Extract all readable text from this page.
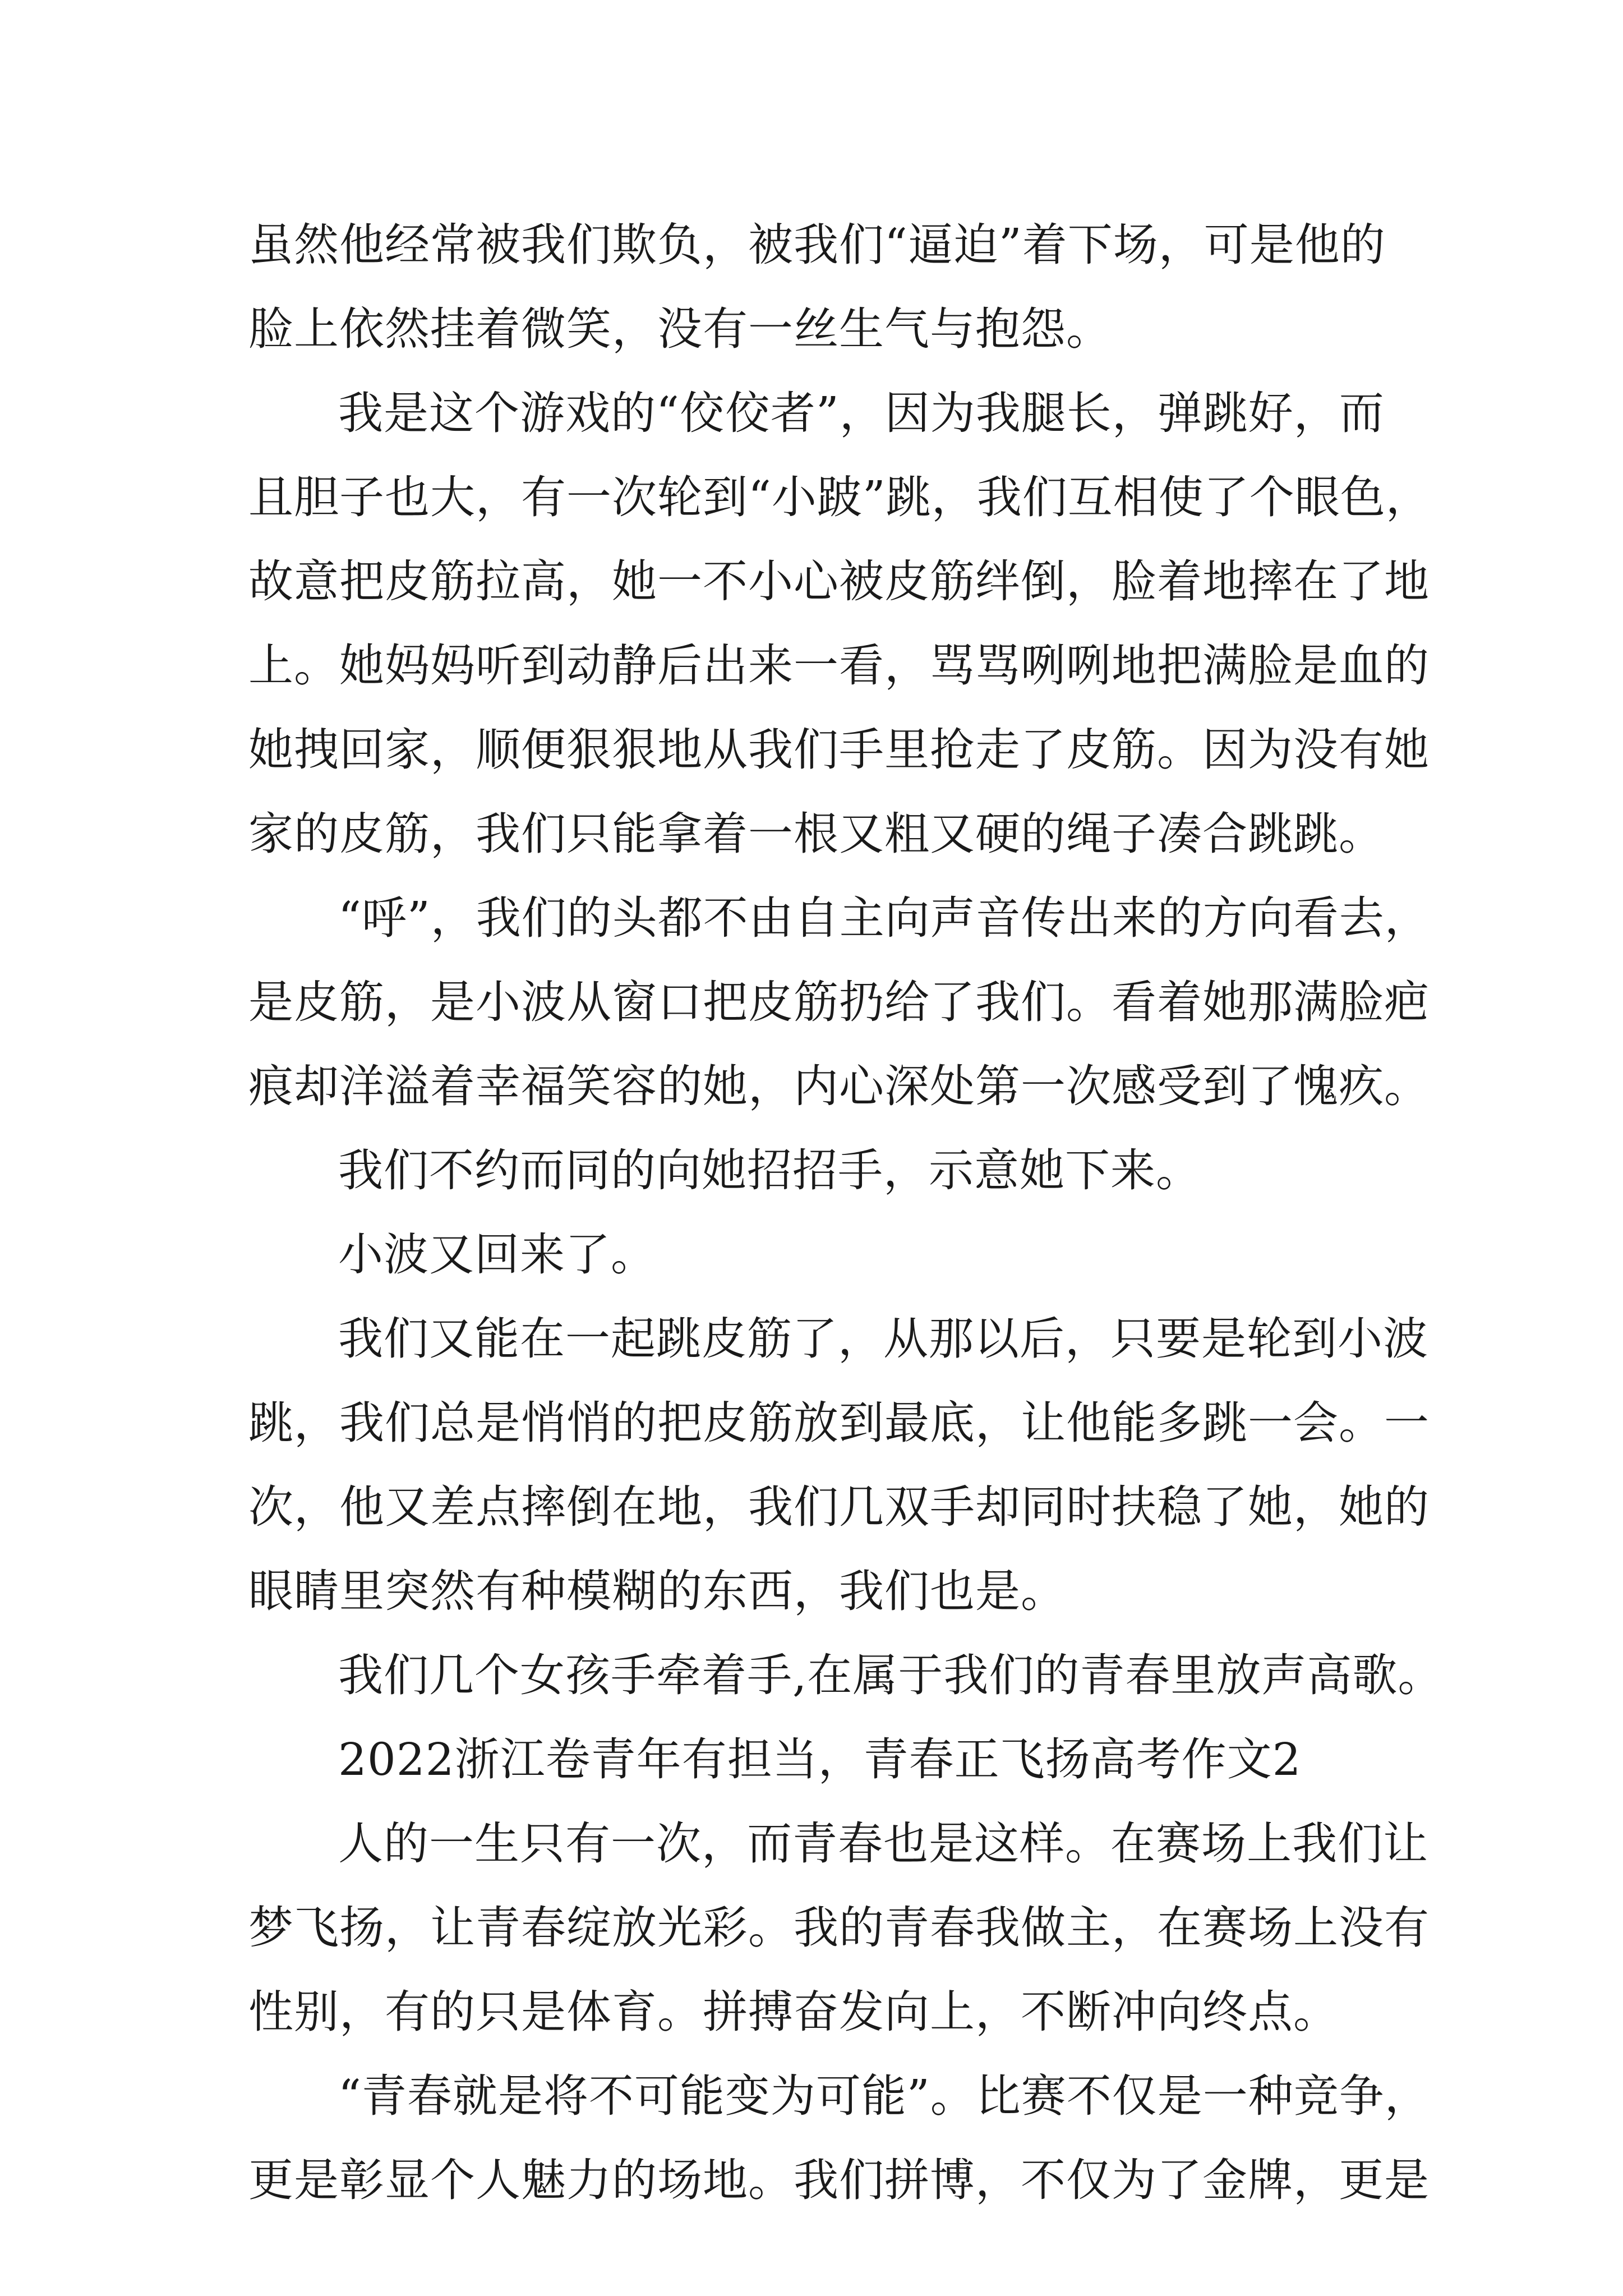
虽然他经常被我们欺负，被我们“逼迫”着下场，可是他的
脸上依然挂着微笑，没有一丝生气与抱怨。
我是这个游戏的“佼佼者”，因为我腿长，弹跳好，而
且胆子也大，有一次轮到“小跛”跳，我们互相使了个眼色，
故意把皮筋拉高，她一不小心被皮筋绊倒，脸着地摔在了地
上。她妈妈听到动静后出来一看，骂骂咧咧地把满脸是血的
她拽回家，顺便狠狠地从我们手里抢走了皮筋。因为没有她
家的皮筋，我们只能拿着一根又粗又硬的绳子凑合跳跳。
“呼”，我们的头都不由自主向声音传出来的方向看去，
是皮筋，是小波从窗口把皮筋扔给了我们。看着她那满脸疤
痕却洋溢着幸福笑容的她，内心深处第一次感受到了愧疚。
我们不约而同的向她招招手，示意她下来。
小波又回来了。
我们又能在一起跳皮筋了，从那以后，只要是轮到小波
跳，我们总是悄悄的把皮筋放到最底，让他能多跳一会。一
次，他又差点摔倒在地，我们几双手却同时扶稳了她，她的
眼睛里突然有种模糊的东西，我们也是。
我们几个女孩手牵着手,在属于我们的青春里放声高歌。
2022浙江卷青年有担当，青春正飞扬高考作文2
人的一生只有一次，而青春也是这样。在赛场上我们让
梦飞扬，让青春绽放光彩。我的青春我做主，在赛场上没有
性别，有的只是体育。拼搏奋发向上，不断冲向终点。
“青春就是将不可能变为可能”。比赛不仅是一种竞争，
更是彰显个人魅力的场地。我们拼博，不仅为了金牌，更是
